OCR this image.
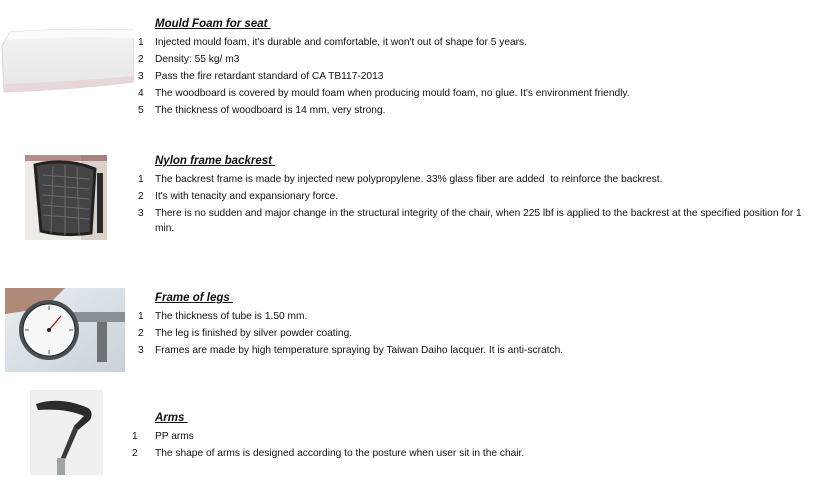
Mould Foam for seat
1	Injected mould foam, it's durable and comfortable, it won't out of shape for 5 years.
2	Density: 55 kg/ m3
3	Pass the fire retardant standard of CA TB117-2013
4	The woodboard is covered by mould foam when producing mould foam, no glue. It's environment friendly.
5	The thickness of woodboard is 14 mm, very strong.
Nylon frame backrest
1	The backrest frame is made by injected new polypropylene. 33% glass fiber are added  to reinforce the backrest.
2	It's with tenacity and expansionary force.
3	There is no sudden and major change in the structural integrity of the chair, when 225 lbf is applied to the backrest at the specified position for 1 min.
Frame of legs
1	The thickness of tube is 1.50 mm.
2	The leg is finished by silver powder coating.
3	Frames are made by high temperature spraying by Taiwan Daiho lacquer. It is anti-scratch.
Arms
1	PP arms
2	The shape of arms is designed according to the posture when user sit in the chair.
